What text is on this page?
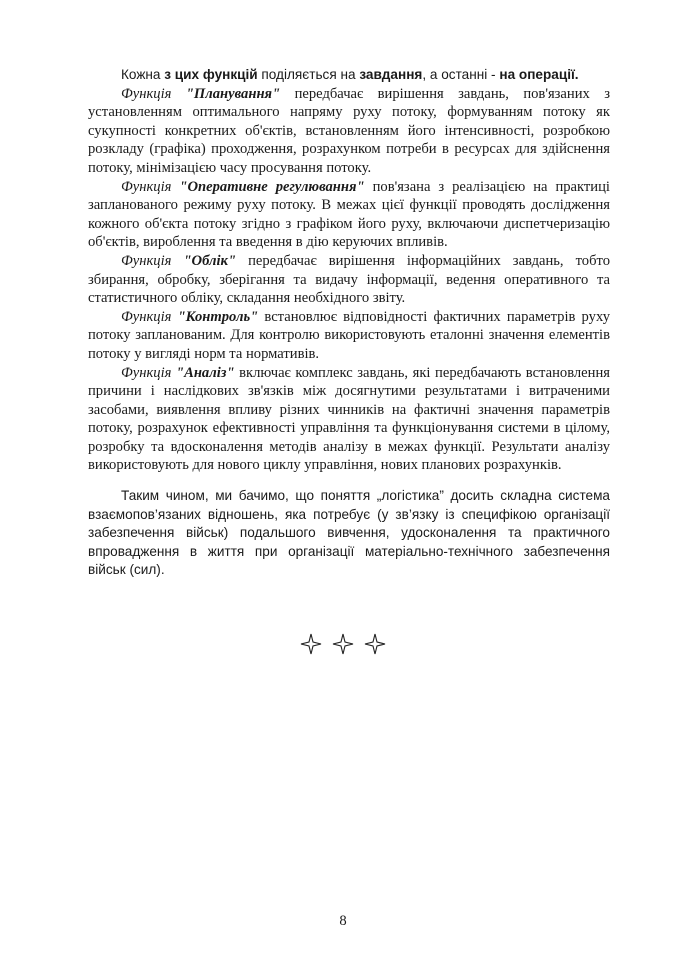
Кожна з цих функцій поділяється на завдання, а останні - на операції.

Функція "Планування" передбачає вирішення завдань, пов'язаних з установленням оптимального напряму руху потоку, формуванням потоку як сукупності конкретних об'єктів, встановленням його інтенсивності, розробкою розкладу (графіка) проходження, розрахунком потреби в ресурсах для здійснення потоку, мінімізацією часу просування потоку.

Функція "Оперативне регулювання" пов'язана з реалізацією на практиці запланованого режиму руху потоку. В межах цієї функції проводять дослідження кожного об'єкта потоку згідно з графіком його руху, включаючи диспетчеризацію об'єктів, вироблення та введення в дію керуючих впливів.

Функція "Облік" передбачає вирішення інформаційних завдань, тобто збирання, обробку, зберігання та видачу інформації, ведення оперативного та статистичного обліку, складання необхідного звіту.

Функція "Контроль" встановлює відповідності фактичних параметрів руху потоку запланованим. Для контролю використовують еталонні значення елементів потоку у вигляді норм та нормативів.

Функція "Аналіз" включає комплекс завдань, які передбачають встановлення причини і наслідкових зв'язків між досягнутими результатами і витраченими засобами, виявлення впливу різних чинників на фактичні значення параметрів потоку, розрахунок ефективності управління та функціонування системи в цілому, розробку та вдосконалення методів аналізу в межах функції. Результати аналізу використовують для нового циклу управління, нових планових розрахунків.

Таким чином, ми бачимо, що поняття „логістика” досить складна система взаємопов’язаних відношень, яка потребує (у зв’язку із специфікою організації забезпечення військ) подальшого вивчення, удосконалення та практичного впровадження в життя при організації матеріально-технічного забезпечення військ (сил).

8
